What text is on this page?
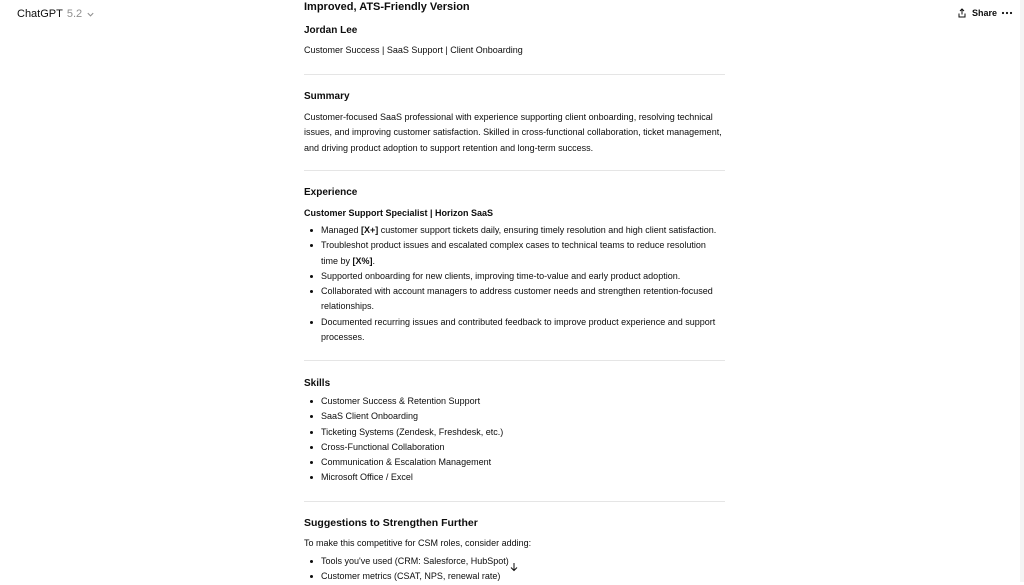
ChatGPT 5.2	Share
Improved, ATS-Friendly Version
Jordan Lee
Customer Success | SaaS Support | Client Onboarding
Summary
Customer-focused SaaS professional with experience supporting client onboarding, resolving technical issues, and improving customer satisfaction. Skilled in cross-functional collaboration, ticket management, and driving product adoption to support retention and long-term success.
Experience
Customer Support Specialist | Horizon SaaS
Managed [X+] customer support tickets daily, ensuring timely resolution and high client satisfaction.
Troubleshot product issues and escalated complex cases to technical teams to reduce resolution time by [X%].
Supported onboarding for new clients, improving time-to-value and early product adoption.
Collaborated with account managers to address customer needs and strengthen retention-focused relationships.
Documented recurring issues and contributed feedback to improve product experience and support processes.
Skills
Customer Success & Retention Support
SaaS Client Onboarding
Ticketing Systems (Zendesk, Freshdesk, etc.)
Cross-Functional Collaboration
Communication & Escalation Management
Microsoft Office / Excel
Suggestions to Strengthen Further
To make this competitive for CSM roles, consider adding:
Tools you've used (CRM: Salesforce, HubSpot)
Customer metrics (CSAT, NPS, renewal rate)
